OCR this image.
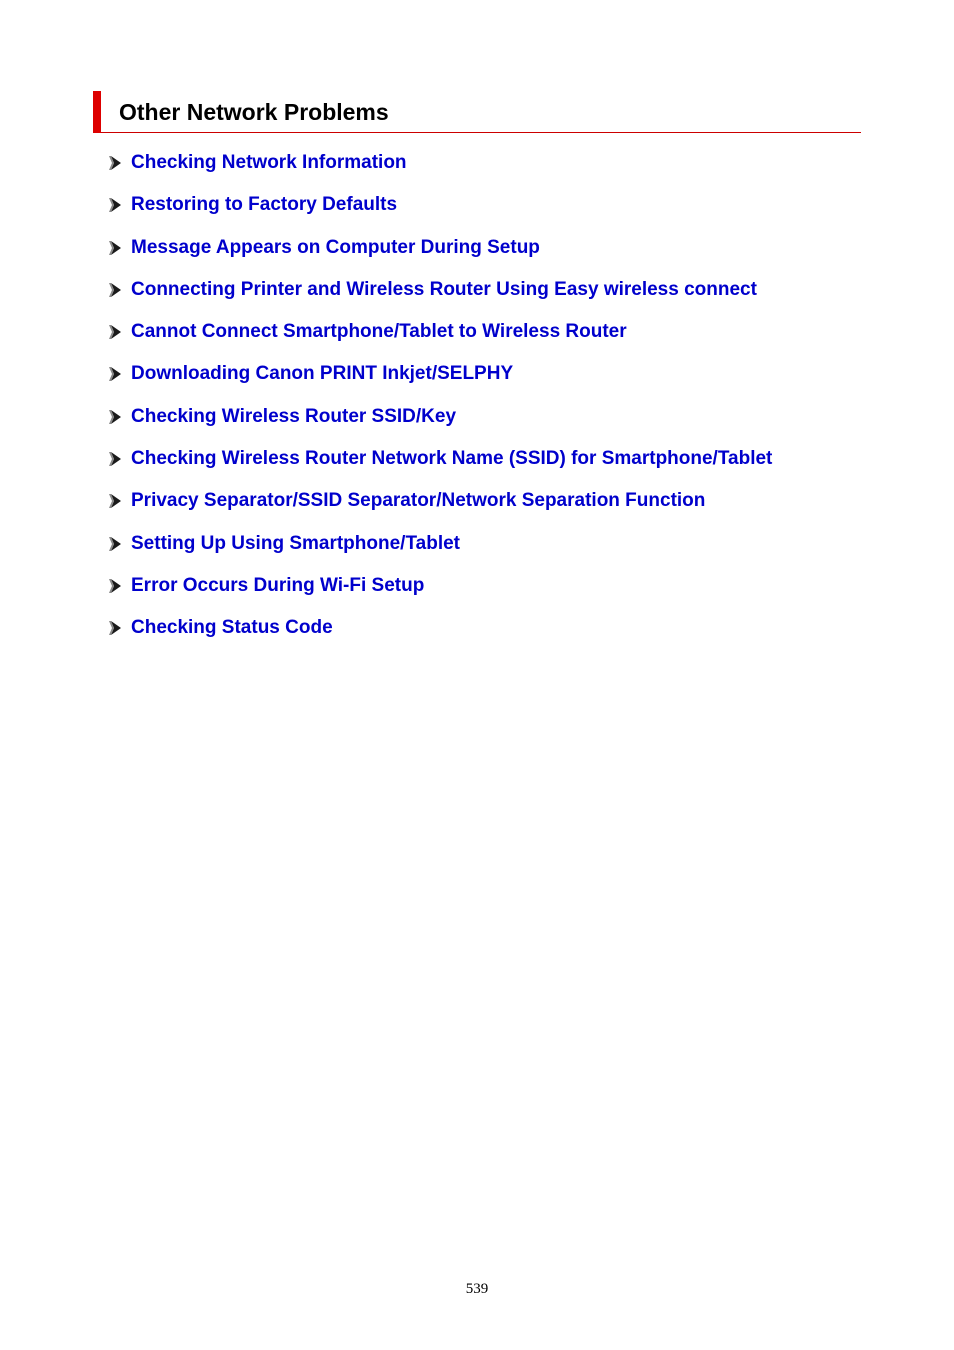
Other Network Problems
Checking Network Information
Restoring to Factory Defaults
Message Appears on Computer During Setup
Connecting Printer and Wireless Router Using Easy wireless connect
Cannot Connect Smartphone/Tablet to Wireless Router
Downloading Canon PRINT Inkjet/SELPHY
Checking Wireless Router SSID/Key
Checking Wireless Router Network Name (SSID) for Smartphone/Tablet
Privacy Separator/SSID Separator/Network Separation Function
Setting Up Using Smartphone/Tablet
Error Occurs During Wi-Fi Setup
Checking Status Code
539
